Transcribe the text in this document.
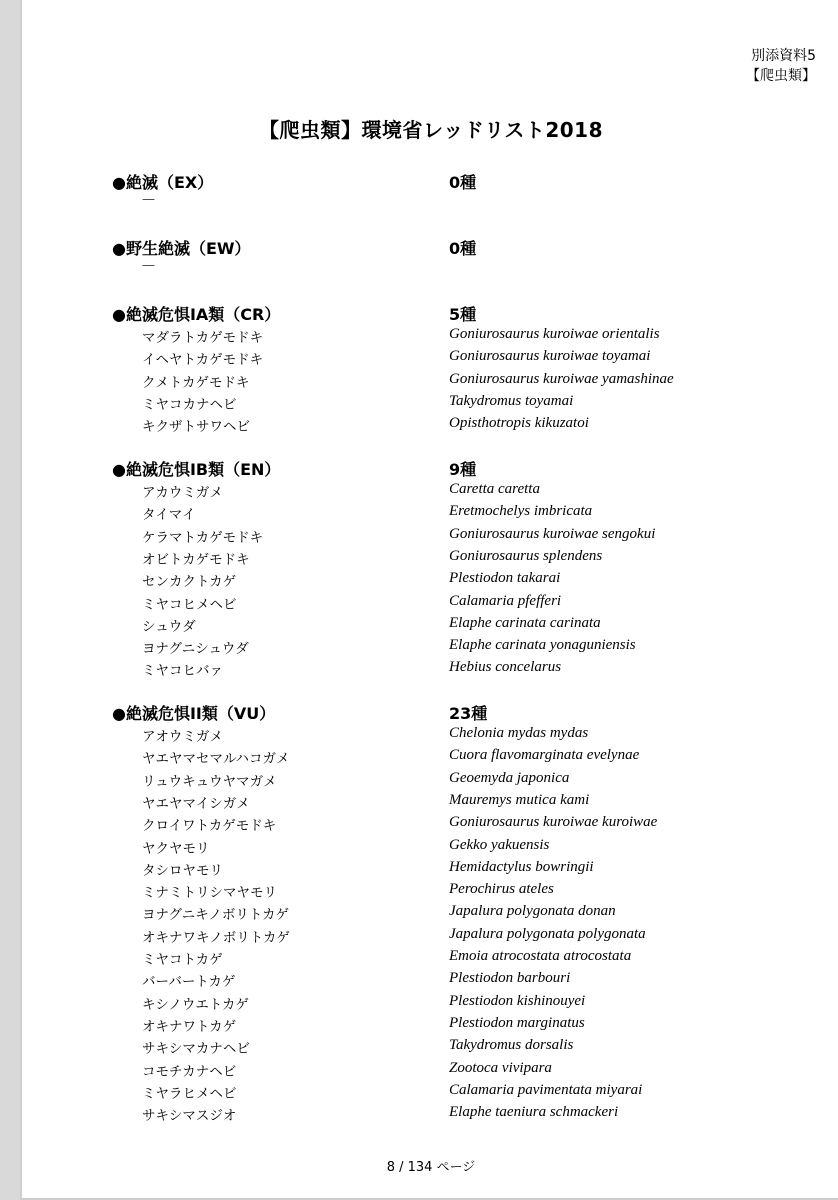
別添資料5
【爬虫類】
【爬虫類】環境省レッドリスト2018
●絶滅（EX）	0種
—
●野生絶滅（EW）	0種
—
●絶滅危惧IA類（CR）	5種
マダラトカゲモドキ	Goniurosaurus kuroiwae orientalis
イヘヤトカゲモドキ	Goniurosaurus kuroiwae toyamai
クメトカゲモドキ	Goniurosaurus kuroiwae yamashinae
ミヤコカナヘビ	Takydromus toyamai
キクザトサワヘビ	Opisthotropis kikuzatoi
●絶滅危惧IB類（EN）	9種
アカウミガメ	Caretta caretta
タイマイ	Eretmochelys imbricata
ケラマトカゲモドキ	Goniurosaurus kuroiwae sengokui
オビトカゲモドキ	Goniurosaurus splendens
センカクトカゲ	Plestiodon takarai
ミヤコヒメヘビ	Calamaria pfefferi
シュウダ	Elaphe carinata carinata
ヨナグニシュウダ	Elaphe carinata yonaguniensis
ミヤコヒバァ	Hebius concelarus
●絶滅危惧II類（VU）	23種
アオウミガメ	Chelonia mydas mydas
ヤエヤマセマルハコガメ	Cuora flavomarginata evelynae
リュウキュウヤマガメ	Geoemyda japonica
ヤエヤマイシガメ	Mauremys mutica kami
クロイワトカゲモドキ	Goniurosaurus kuroiwae kuroiwae
ヤクヤモリ	Gekko yakuensis
タシロヤモリ	Hemidactylus bowringii
ミナミトリシマヤモリ	Perochirus ateles
ヨナグニキノボリトカゲ	Japalura polygonata donan
オキナワキノボリトカゲ	Japalura polygonata polygonata
ミヤコトカゲ	Emoia atrocostata atrocostata
バーバートカゲ	Plestiodon barbouri
キシノウエトカゲ	Plestiodon kishinouyei
オキナワトカゲ	Plestiodon marginatus
サキシマカナヘビ	Takydromus dorsalis
コモチカナヘビ	Zootoca vivipara
ミヤラヒメヘビ	Calamaria pavimentata miyarai
サキシマスジオ	Elaphe taeniura schmackeri
8 / 134 ページ
